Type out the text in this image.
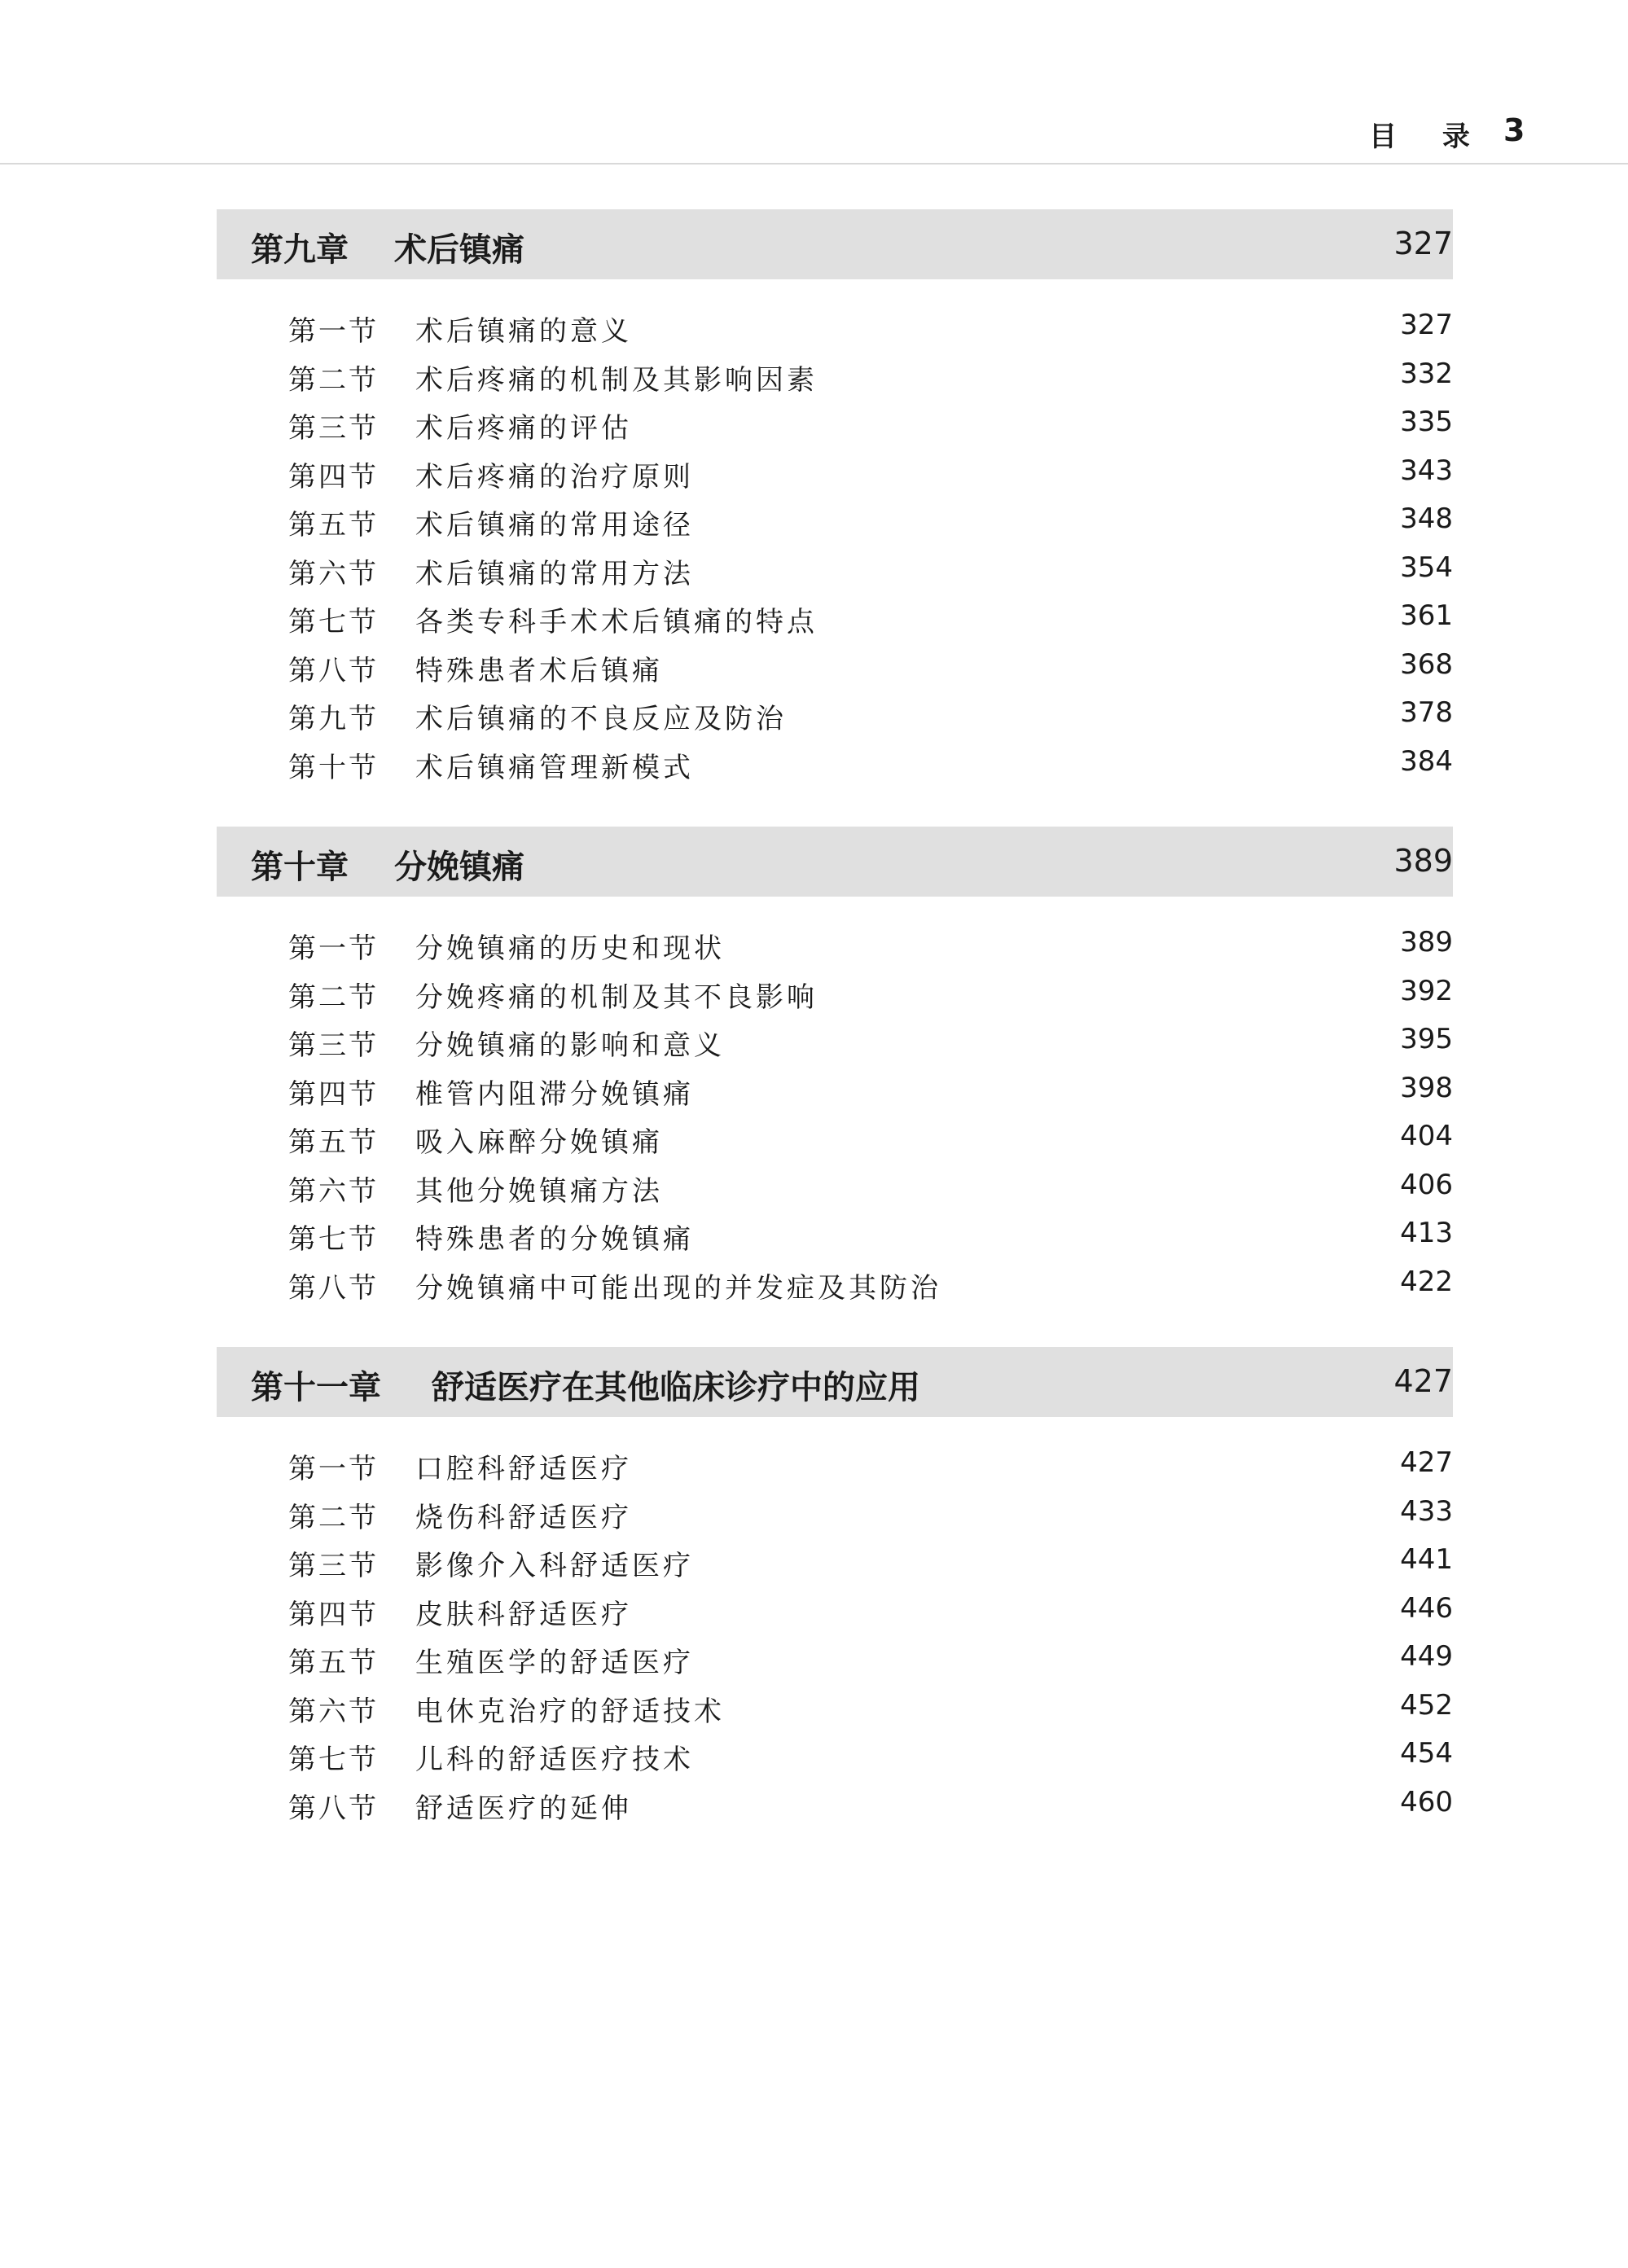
目 录 3
第九章 术后镇痛	327
第一节 术后镇痛的意义	327
第二节 术后疼痛的机制及其影响因素	332
第三节 术后疼痛的评估	335
第四节 术后疼痛的治疗原则	343
第五节 术后镇痛的常用途径	348
第六节 术后镇痛的常用方法	354
第七节 各类专科手术术后镇痛的特点	361
第八节 特殊患者术后镇痛	368
第九节 术后镇痛的不良反应及防治	378
第十节 术后镇痛管理新模式	384
第十章 分娩镇痛	389
第一节 分娩镇痛的历史和现状	389
第二节 分娩疼痛的机制及其不良影响	392
第三节 分娩镇痛的影响和意义	395
第四节 椎管内阻滞分娩镇痛	398
第五节 吸入麻醉分娩镇痛	404
第六节 其他分娩镇痛方法	406
第七节 特殊患者的分娩镇痛	413
第八节 分娩镇痛中可能出现的并发症及其防治	422
第十一章 舒适医疗在其他临床诊疗中的应用	427
第一节 口腔科舒适医疗	427
第二节 烧伤科舒适医疗	433
第三节 影像介入科舒适医疗	441
第四节 皮肤科舒适医疗	446
第五节 生殖医学的舒适医疗	449
第六节 电休克治疗的舒适技术	452
第七节 儿科的舒适医疗技术	454
第八节 舒适医疗的延伸	460
